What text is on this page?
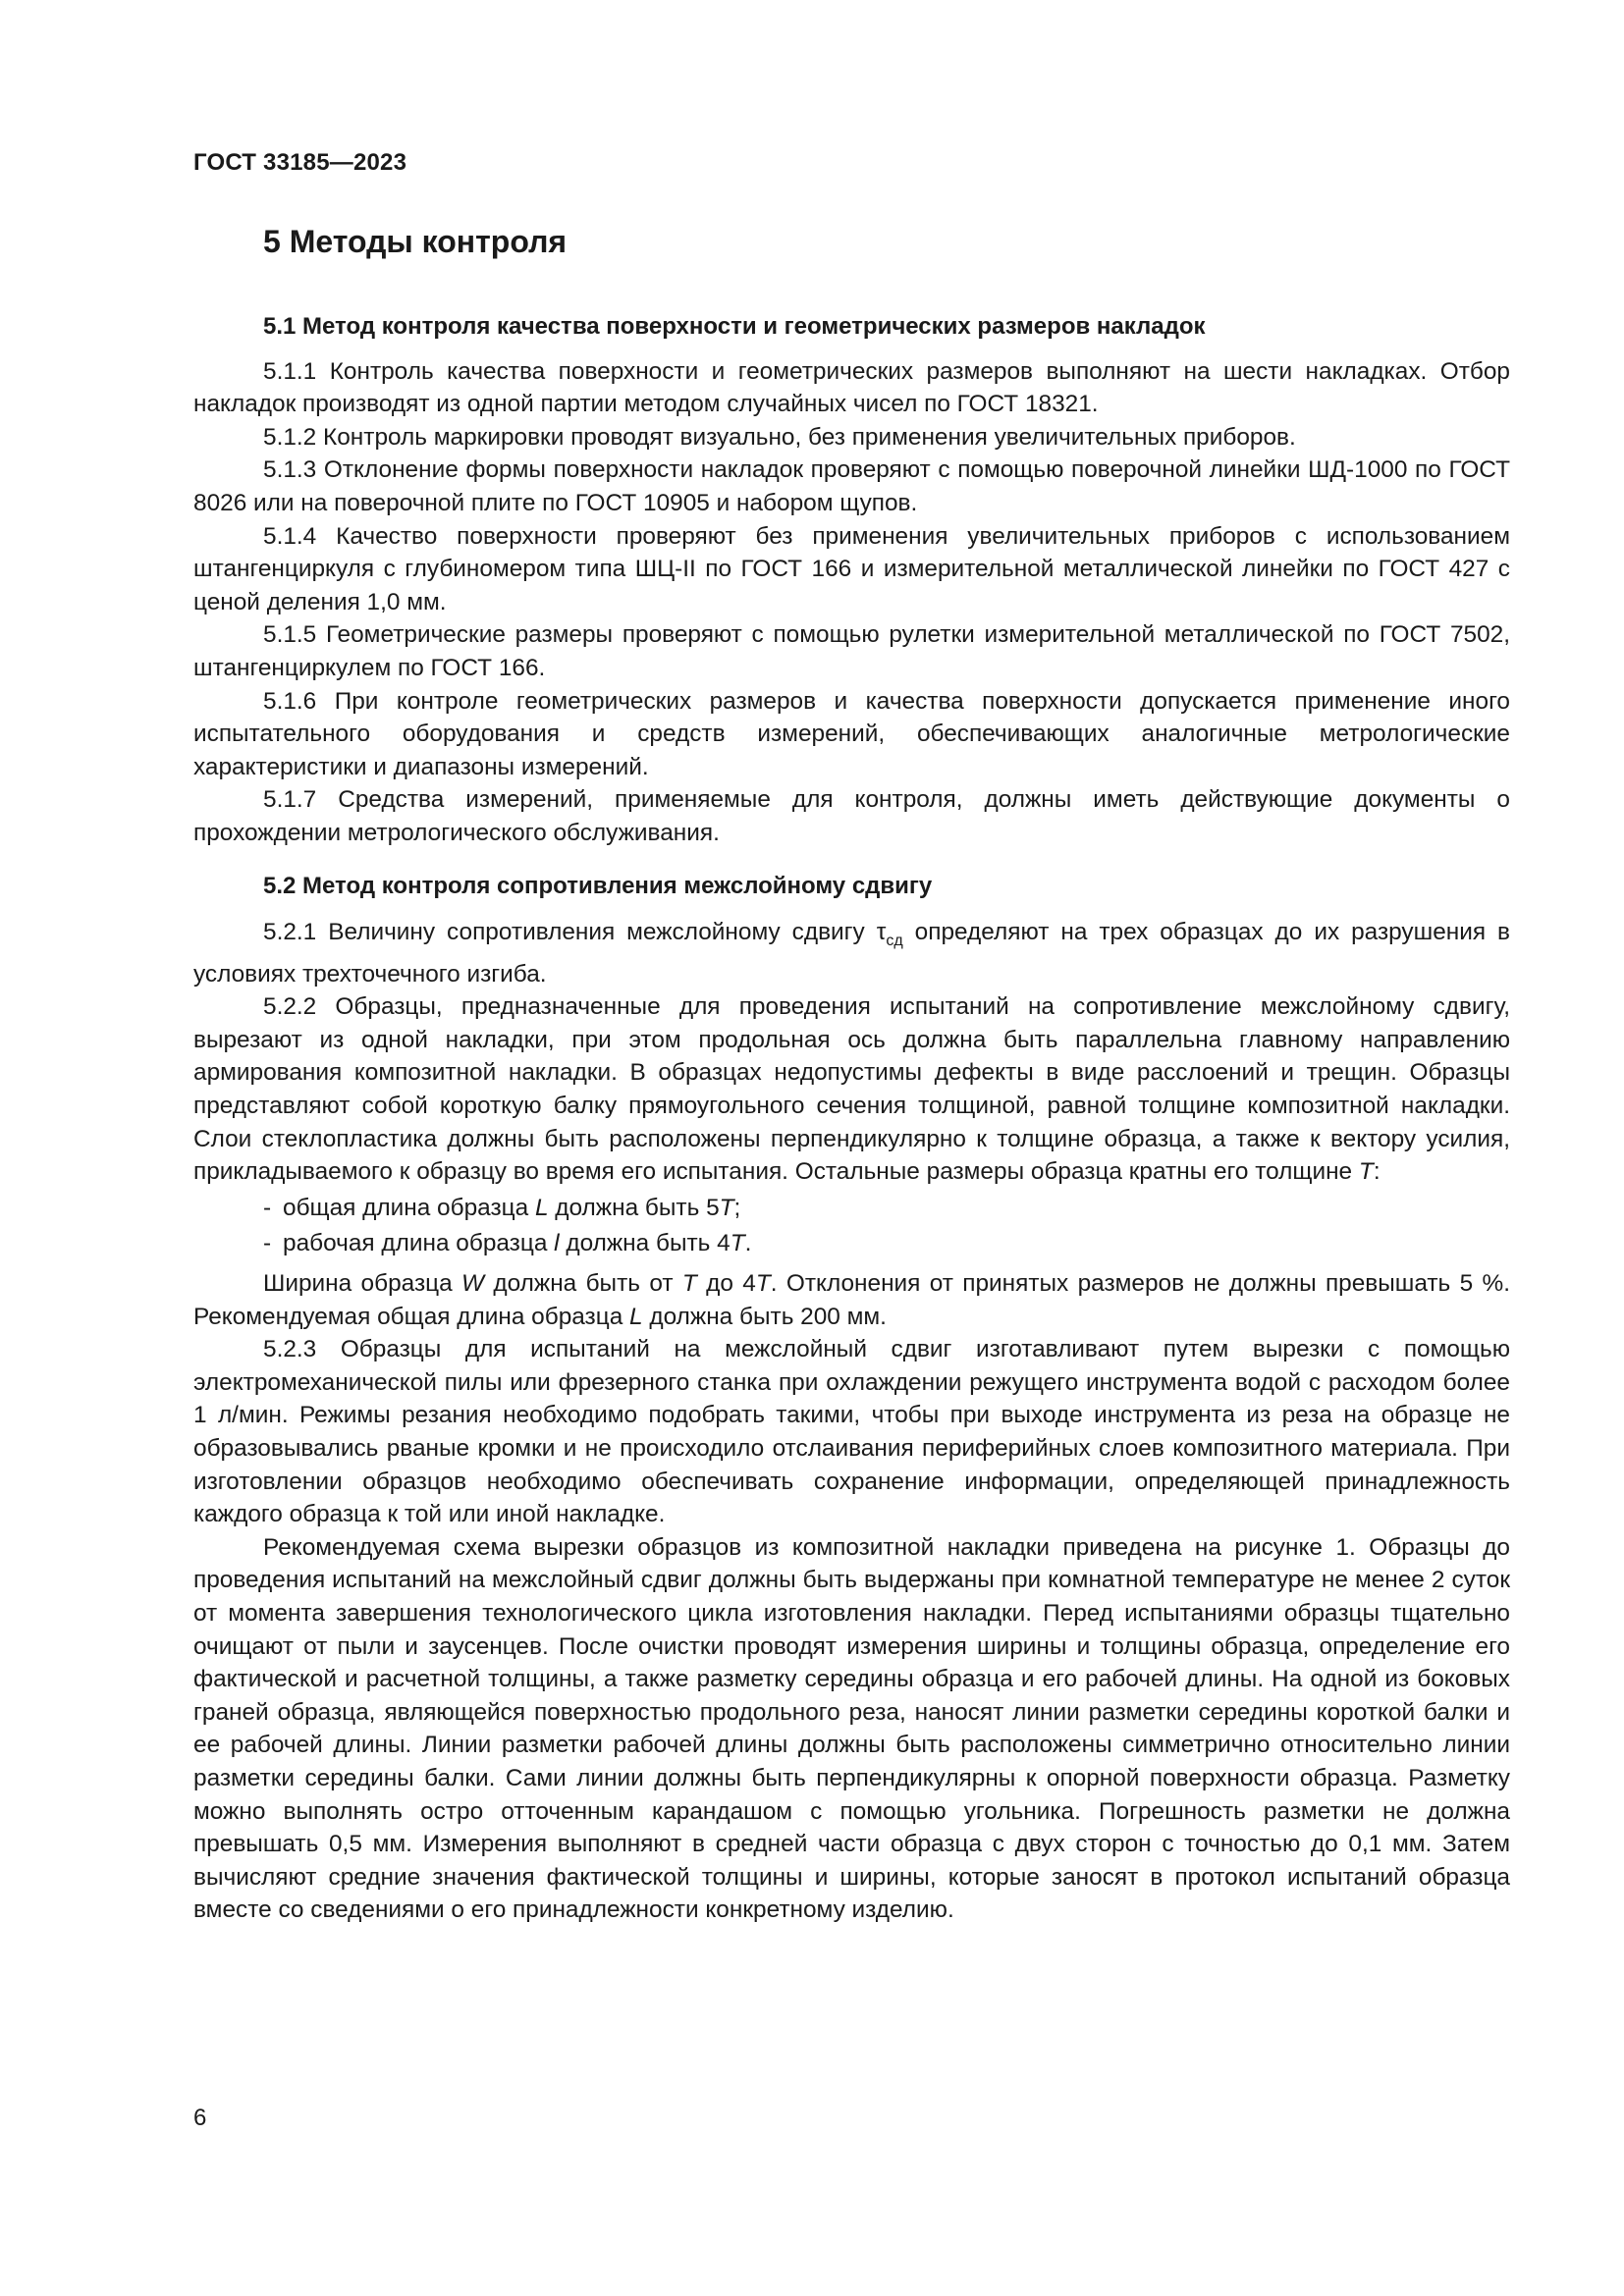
ГОСТ 33185—2023
5 Методы контроля

5.1 Метод контроля качества поверхности и геометрических размеров накладок

5.1.1 Контроль качества поверхности и геометрических размеров выполняют на шести накладках. Отбор накладок производят из одной партии методом случайных чисел по ГОСТ 18321.

5.1.2 Контроль маркировки проводят визуально, без применения увеличительных приборов.

5.1.3 Отклонение формы поверхности накладок проверяют с помощью поверочной линейки ШД-1000 по ГОСТ 8026 или на поверочной плите по ГОСТ 10905 и набором щупов.

5.1.4 Качество поверхности проверяют без применения увеличительных приборов с использованием штангенциркуля с глубиномером типа ШЦ-II по ГОСТ 166 и измерительной металлической линейки по ГОСТ 427 с ценой деления 1,0 мм.

5.1.5 Геометрические размеры проверяют с помощью рулетки измерительной металлической по ГОСТ 7502, штангенциркулем по ГОСТ 166.

5.1.6 При контроле геометрических размеров и качества поверхности допускается применение иного испытательного оборудования и средств измерений, обеспечивающих аналогичные метрологические характеристики и диапазоны измерений.

5.1.7 Средства измерений, применяемые для контроля, должны иметь действующие документы о прохождении метрологического обслуживания.

5.2 Метод контроля сопротивления межслойному сдвигу

5.2.1 Величину сопротивления межслойному сдвигу $\tau_{сд}$ определяют на трех образцах до их разрушения в условиях трехточечного изгиба.

5.2.2 Образцы, предназначенные для проведения испытаний на сопротивление межслойному сдвигу, вырезают из одной накладки, при этом продольная ось должна быть параллельна главному направлению армирования композитной накладки. В образцах недопустимы дефекты в виде расслоений и трещин. Образцы представляют собой короткую балку прямоугольного сечения толщиной, равной толщине композитной накладки. Слои стеклопластика должны быть расположены перпендикулярно к толщине образца, а также к вектору усилия, прикладываемого к образцу во время его испытания. Остальные размеры образца кратны его толщине T:

- общая длина образца L должна быть 5T;

- рабочая длина образца l должна быть 4T.

Ширина образца W должна быть от T до 4T. Отклонения от принятых размеров не должны превышать 5 %. Рекомендуемая общая длина образца L должна быть 200 мм.

5.2.3 Образцы для испытаний на межслойный сдвиг изготавливают путем вырезки с помощью электромеханической пилы или фрезерного станка при охлаждении режущего инструмента водой с расходом более 1 л/мин. Режимы резания необходимо подобрать такими, чтобы при выходе инструмента из реза на образце не образовывались рваные кромки и не происходило отслаивания периферийных слоев композитного материала. При изготовлении образцов необходимо обеспечивать сохранение информации, определяющей принадлежность каждого образца к той или иной накладке.

Рекомендуемая схема вырезки образцов из композитной накладки приведена на рисунке 1. Образцы до проведения испытаний на межслойный сдвиг должны быть выдержаны при комнатной температуре не менее 2 суток от момента завершения технологического цикла изготовления накладки. Перед испытаниями образцы тщательно очищают от пыли и заусенцев. После очистки проводят измерения ширины и толщины образца, определение его фактической и расчетной толщины, а также разметку середины образца и его рабочей длины. На одной из боковых граней образца, являющейся поверхностью продольного реза, наносят линии разметки середины короткой балки и ее рабочей длины. Линии разметки рабочей длины должны быть расположены симметрично относительно линии разметки середины балки. Сами линии должны быть перпендикулярны к опорной поверхности образца. Разметку можно выполнять остро отточенным карандашом с помощью угольника. Погрешность разметки не должна превышать 0,5 мм. Измерения выполняют в средней части образца с двух сторон с точностью до 0,1 мм. Затем вычисляют средние значения фактической толщины и ширины, которые заносят в протокол испытаний образца вместе со сведениями о его принадлежности конкретному изделию.

6
